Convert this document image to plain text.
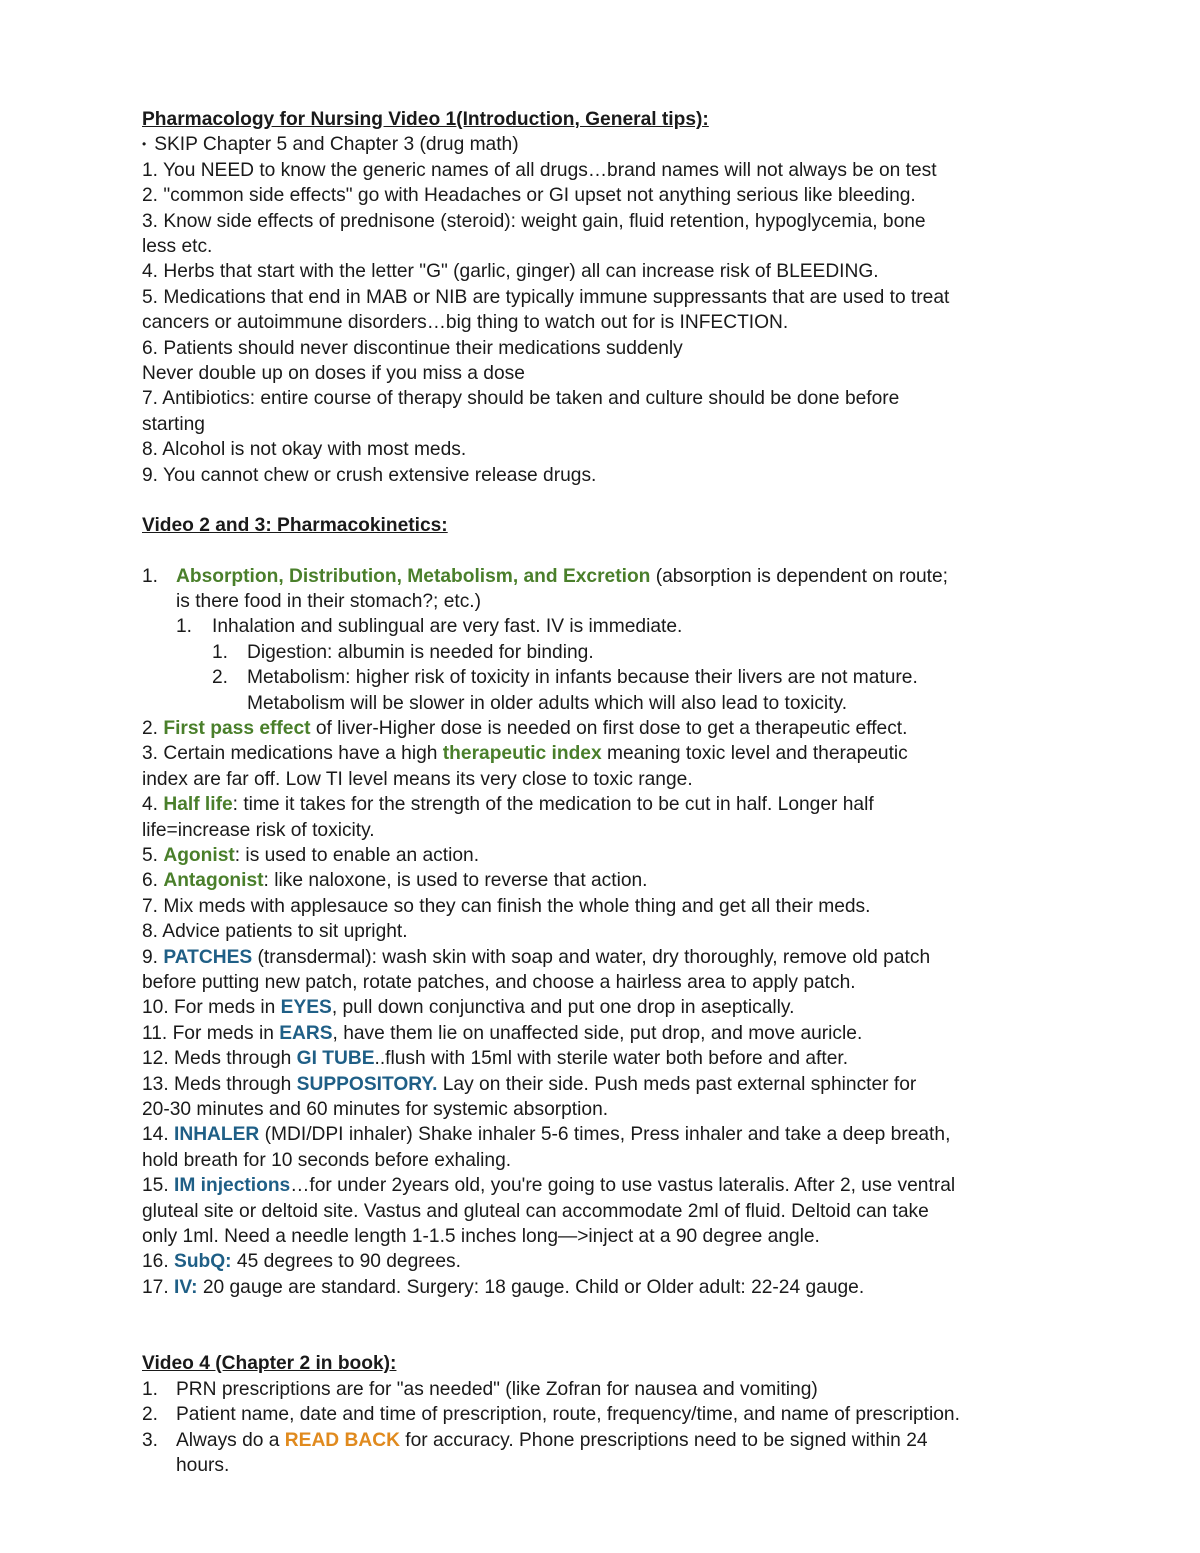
Pharmacology for Nursing Video 1(Introduction, General tips):
• SKIP Chapter 5 and Chapter 3 (drug math)
1. You NEED to know the generic names of all drugs…brand names will not always be on test
2. "common side effects" go with Headaches or GI upset not anything serious like bleeding.
3. Know side effects of prednisone (steroid): weight gain, fluid retention, hypoglycemia, bone
less etc.
4. Herbs that start with the letter "G" (garlic, ginger) all can increase risk of BLEEDING.
5. Medications that end in MAB or NIB are typically immune suppressants that are used to treat
cancers or autoimmune disorders…big thing to watch out for is INFECTION.
6. Patients should never discontinue their medications suddenly
Never double up on doses if you miss a dose
7. Antibiotics: entire course of therapy should be taken and culture should be done before
starting
8. Alcohol is not okay with most meds.
9. You cannot chew or crush extensive release drugs.
Video 2 and 3: Pharmacokinetics:
1. Absorption, Distribution, Metabolism, and Excretion (absorption is dependent on route;
is there food in their stomach?; etc.)
1. Inhalation and sublingual are very fast. IV is immediate.
1. Digestion: albumin is needed for binding.
2. Metabolism: higher risk of toxicity in infants because their livers are not mature.
Metabolism will be slower in older adults which will also lead to toxicity.
2. First pass effect of liver-Higher dose is needed on first dose to get a therapeutic effect.
3. Certain medications have a high therapeutic index meaning toxic level and therapeutic
index are far off. Low TI level means its very close to toxic range.
4. Half life: time it takes for the strength of the medication to be cut in half. Longer half
life=increase risk of toxicity.
5. Agonist: is used to enable an action.
6. Antagonist: like naloxone, is used to reverse that action.
7. Mix meds with applesauce so they can finish the whole thing and get all their meds.
8. Advice patients to sit upright.
9. PATCHES (transdermal): wash skin with soap and water, dry thoroughly, remove old patch
before putting new patch, rotate patches, and choose a hairless area to apply patch.
10. For meds in EYES, pull down conjunctiva and put one drop in aseptically.
11. For meds in EARS, have them lie on unaffected side, put drop, and move auricle.
12. Meds through GI TUBE..flush with 15ml with sterile water both before and after.
13. Meds through SUPPOSITORY. Lay on their side. Push meds past external sphincter for
20-30 minutes and 60 minutes for systemic absorption.
14. INHALER (MDI/DPI inhaler) Shake inhaler 5-6 times, Press inhaler and take a deep breath,
hold breath for 10 seconds before exhaling.
15. IM injections…for under 2years old, you're going to use vastus lateralis. After 2, use ventral
gluteal site or deltoid site. Vastus and gluteal can accommodate 2ml of fluid. Deltoid can take
only 1ml. Need a needle length 1-1.5 inches long—>inject at a 90 degree angle.
16. SubQ: 45 degrees to 90 degrees.
17. IV: 20 gauge are standard. Surgery: 18 gauge. Child or Older adult: 22-24 gauge.
Video 4 (Chapter 2 in book):
1. PRN prescriptions are for "as needed" (like Zofran for nausea and vomiting)
2. Patient name, date and time of prescription, route, frequency/time, and name of prescription.
3. Always do a READ BACK for accuracy. Phone prescriptions need to be signed within 24
hours.
